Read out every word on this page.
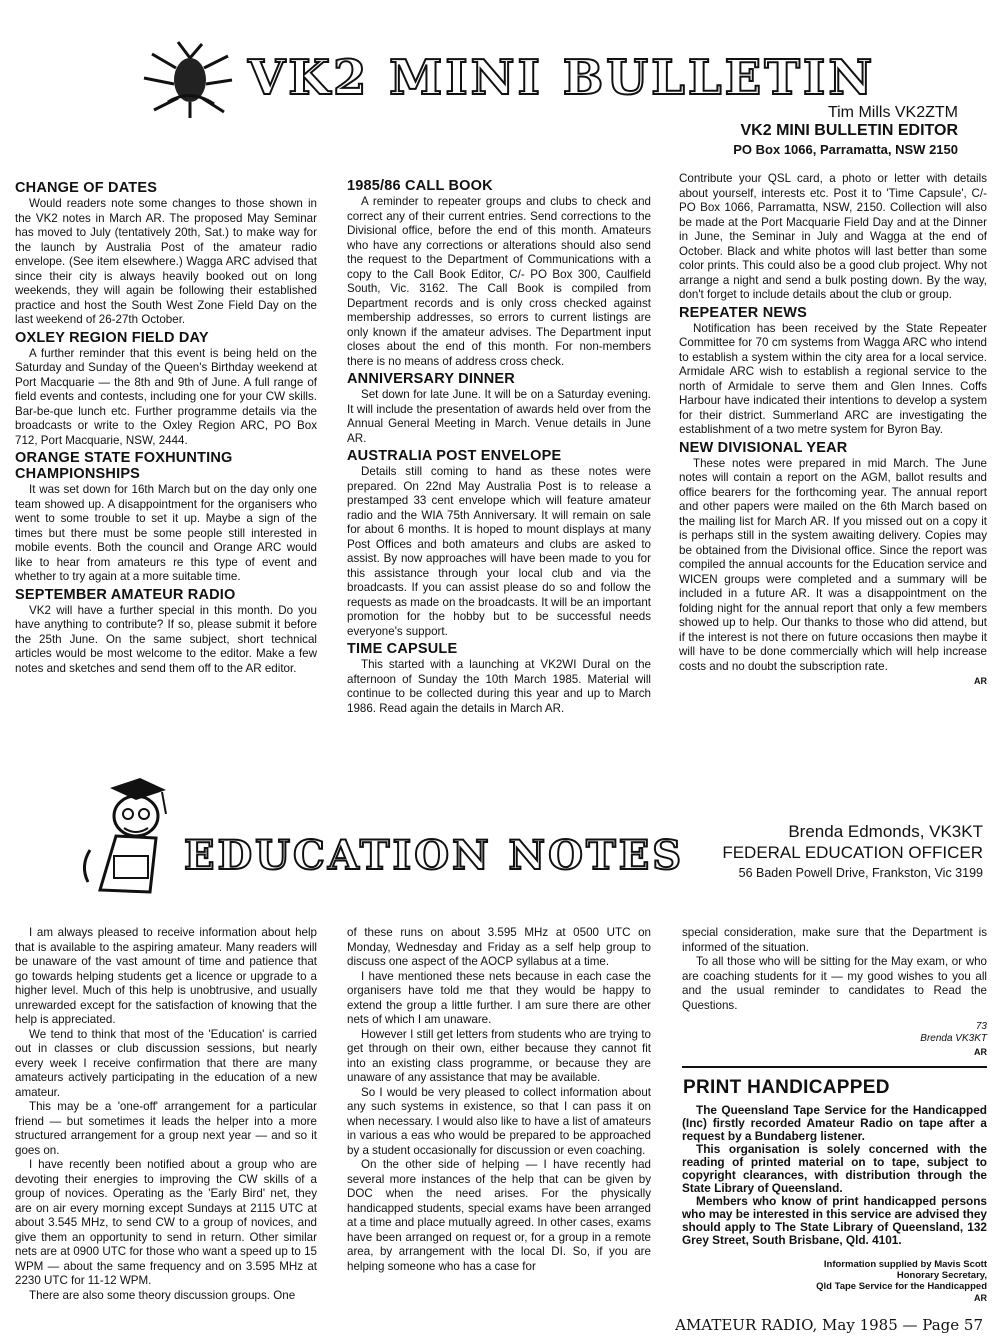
VK2 MINI BULLETIN
Tim Mills VK2ZTM
VK2 MINI BULLETIN EDITOR
PO Box 1066, Parramatta, NSW 2150
CHANGE OF DATES

Would readers note some changes to those shown in the VK2 notes in March AR. The proposed May Seminar has moved to July (tentatively 20th, Sat.) to make way for the launch by Australia Post of the amateur radio envelope. (See item elsewhere.) Wagga ARC advised that since their city is always heavily booked out on long weekends, they will again be following their established practice and host the South West Zone Field Day on the last weekend of 26-27th October.

OXLEY REGION FIELD DAY

A further reminder that this event is being held on the Saturday and Sunday of the Queen's Birthday weekend at Port Macquarie — the 8th and 9th of June. A full range of field events and contests, including one for your CW skills. Bar-be-que lunch etc. Further programme details via the broadcasts or write to the Oxley Region ARC, PO Box 712, Port Macquarie, NSW, 2444.

ORANGE STATE FOXHUNTING CHAMPIONSHIPS

It was set down for 16th March but on the day only one team showed up. A disappointment for the organisers who went to some trouble to set it up. Maybe a sign of the times but there must be some people still interested in mobile events. Both the council and Orange ARC would like to hear from amateurs re this type of event and whether to try again at a more suitable time.

SEPTEMBER AMATEUR RADIO

VK2 will have a further special in this month. Do you have anything to contribute? If so, please submit it before the 25th June. On the same subject, short technical articles would be most welcome to the editor. Make a few notes and sketches and send them off to the AR editor.

1985/86 CALL BOOK

A reminder to repeater groups and clubs to check and correct any of their current entries. Send corrections to the Divisional office, before the end of this month. Amateurs who have any corrections or alterations should also send the request to the Department of Communications with a copy to the Call Book Editor, C/- PO Box 300, Caulfield South, Vic. 3162. The Call Book is compiled from Department records and is only cross checked against membership addresses, so errors to current listings are only known if the amateur advises. The Department input closes about the end of this month. For non-members there is no means of address cross check.

ANNIVERSARY DINNER

Set down for late June. It will be on a Saturday evening. It will include the presentation of awards held over from the Annual General Meeting in March. Venue details in June AR.

AUSTRALIA POST ENVELOPE

Details still coming to hand as these notes were prepared. On 22nd May Australia Post is to release a prestamped 33 cent envelope which will feature amateur radio and the WIA 75th Anniversary. It will remain on sale for about 6 months. It is hoped to mount displays at many Post Offices and both amateurs and clubs are asked to assist. By now approaches will have been made to you for this assistance through your local club and via the broadcasts. If you can assist please do so and follow the requests as made on the broadcasts. It will be an important promotion for the hobby but to be successful needs everyone's support.

TIME CAPSULE

This started with a launching at VK2WI Dural on the afternoon of Sunday the 10th March 1985. Material will continue to be collected during this year and up to March 1986. Read again the details in March AR.

Contribute your QSL card, a photo or letter with details about yourself, interests etc. Post it to 'Time Capsule', C/- PO Box 1066, Parramatta, NSW, 2150. Collection will also be made at the Port Macquarie Field Day and at the Dinner in June, the Seminar in July and Wagga at the end of October. Black and white photos will last better than some color prints. This could also be a good club project. Why not arrange a night and send a bulk posting down. By the way, don't forget to include details about the club or group.

REPEATER NEWS

Notification has been received by the State Repeater Committee for 70 cm systems from Wagga ARC who intend to establish a system within the city area for a local service. Armidale ARC wish to establish a regional service to the north of Armidale to serve them and Glen Innes. Coffs Harbour have indicated their intentions to develop a system for their district. Summerland ARC are investigating the establishment of a two metre system for Byron Bay.

NEW DIVISIONAL YEAR

These notes were prepared in mid March. The June notes will contain a report on the AGM, ballot results and office bearers for the forthcoming year. The annual report and other papers were mailed on the 6th March based on the mailing list for March AR. If you missed out on a copy it is perhaps still in the system awaiting delivery. Copies may be obtained from the Divisional office. Since the report was compiled the annual accounts for the Education service and WICEN groups were completed and a summary will be included in a future AR. It was a disappointment on the folding night for the annual report that only a few members showed up to help. Our thanks to those who did attend, but if the interest is not there on future occasions then maybe it will have to be done commercially which will help increase costs and no doubt the subscription rate.

AR
EDUCATION NOTES
Brenda Edmonds, VK3KT
FEDERAL EDUCATION OFFICER
56 Baden Powell Drive, Frankston, Vic 3199

I am always pleased to receive information about help that is available to the aspiring amateur. Many readers will be unaware of the vast amount of time and patience that go towards helping students get a licence or upgrade to a higher level. Much of this help is unobtrusive, and usually unrewarded except for the satisfaction of knowing that the help is appreciated.

We tend to think that most of the 'Education' is carried out in classes or club discussion sessions, but nearly every week I receive confirmation that there are many amateurs actively participating in the education of a new amateur.

This may be a 'one-off' arrangement for a particular friend — but sometimes it leads the helper into a more structured arrangement for a group next year — and so it goes on.

I have recently been notified about a group who are devoting their energies to improving the CW skills of a group of novices. Operating as the 'Early Bird' net, they are on air every morning except Sundays at 2115 UTC at about 3.545 MHz, to send CW to a group of novices, and give them an opportunity to send in return. Other similar nets are at 0900 UTC for those who want a speed up to 15 WPM — about the same frequency and on 3.595 MHz at 2230 UTC for 11-12 WPM.

There are also some theory discussion groups. One

of these runs on about 3.595 MHz at 0500 UTC on Monday, Wednesday and Friday as a self help group to discuss one aspect of the AOCP syllabus at a time.

I have mentioned these nets because in each case the organisers have told me that they would be happy to extend the group a little further. I am sure there are other nets of which I am unaware.

However I still get letters from students who are trying to get through on their own, either because they cannot fit into an existing class programme, or because they are unaware of any assistance that may be available.

So I would be very pleased to collect information about any such systems in existence, so that I can pass it on when necessary. I would also like to have a list of amateurs in various a eas who would be prepared to be approached by a student occasionally for discussion or even coaching.

On the other side of helping — I have recently had several more instances of the help that can be given by DOC when the need arises. For the physically handicapped students, special exams have been arranged at a time and place mutually agreed. In other cases, exams have been arranged on request or, for a group in a remote area, by arrangement with the local DI. So, if you are helping someone who has a case for

special consideration, make sure that the Department is informed of the situation.

To all those who will be sitting for the May exam, or who are coaching students for it — my good wishes to you all and the usual reminder to candidates to Read the Questions.

73
Brenda VK3KT
AR
PRINT HANDICAPPED

The Queensland Tape Service for the Handicapped (Inc) firstly recorded Amateur Radio on tape after a request by a Bundaberg listener.

This organisation is solely concerned with the reading of printed material on to tape, subject to copyright clearances, with distribution through the State Library of Queensland.

Members who know of print handicapped persons who may be interested in this service are advised they should apply to The State Library of Queensland, 132 Grey Street, South Brisbane, Qld. 4101.

Information supplied by Mavis Scott
Honorary Secretary,
Qld Tape Service for the Handicapped
AR
AMATEUR RADIO, May 1985 — Page 57
